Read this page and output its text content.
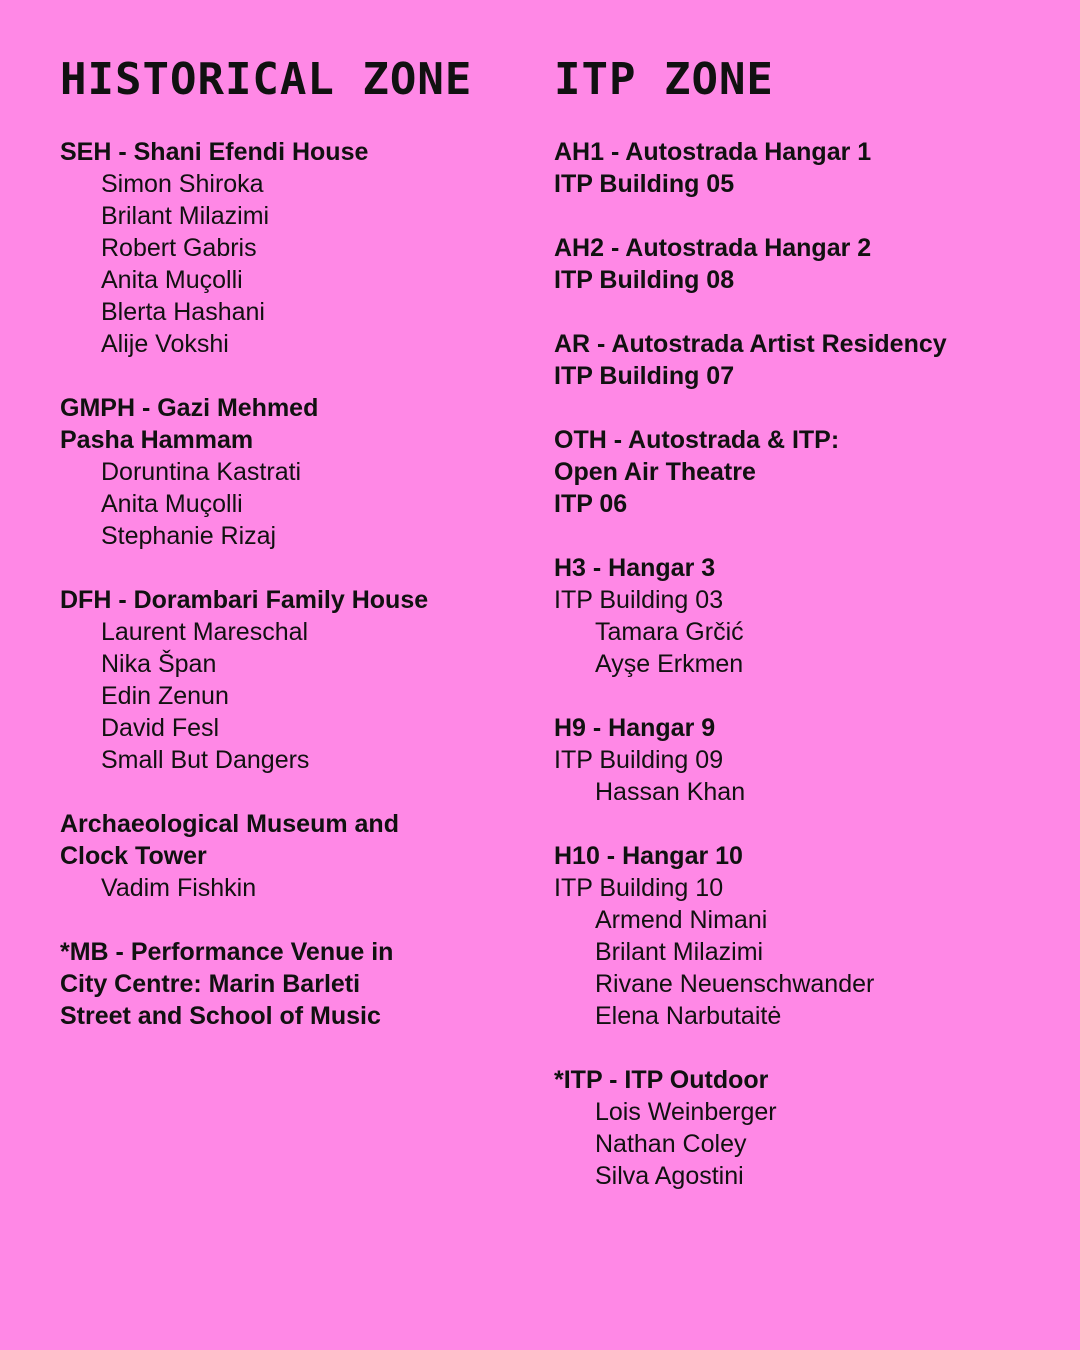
HISTORICAL ZONE
SEH - Shani Efendi House
Simon Shiroka
Brilant Milazimi
Robert Gabris
Anita Muçolli
Blerta Hashani
Alije Vokshi
GMPH - Gazi Mehmed
Pasha Hammam
Doruntina Kastrati
Anita Muçolli
Stephanie Rizaj
DFH - Dorambari Family House
Laurent Mareschal
Nika Špan
Edin Zenun
David Fesl
Small But Dangers
Archaeological Museum and
Clock Tower
Vadim Fishkin
*MB - Performance Venue in
City Centre: Marin Barleti
Street and School of Music
ITP ZONE
AH1 - Autostrada Hangar 1
ITP Building 05
AH2 - Autostrada Hangar 2
ITP Building 08
AR - Autostrada Artist Residency
ITP Building 07
OTH - Autostrada & ITP:
Open Air Theatre
ITP 06
H3 - Hangar 3
ITP Building 03
Tamara Grčić
Ayşe Erkmen
H9 - Hangar 9
ITP Building 09
Hassan Khan
H10 - Hangar 10
ITP Building 10
Armend Nimani
Brilant Milazimi
Rivane Neuenschwander
Elena Narbutaitė
*ITP - ITP Outdoor
Lois Weinberger
Nathan Coley
Silva Agostini
